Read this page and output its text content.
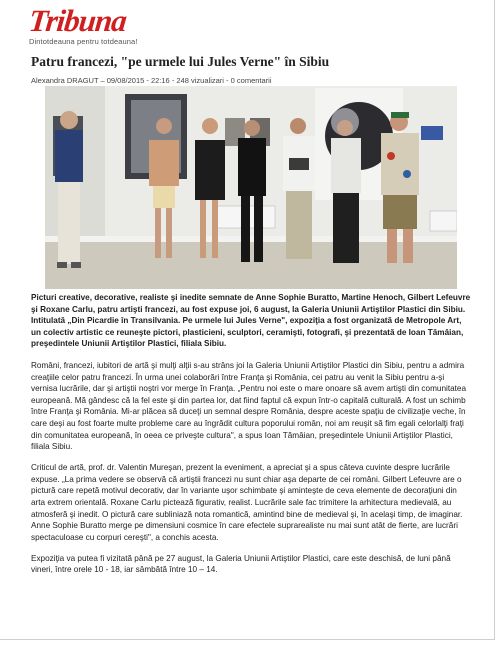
Tribuna
Dintotdeauna pentru totdeauna!
Patru francezi, "pe urmele lui Jules Verne" în Sibiu
Alexandra DRAGUT – 09/08/2015 - 22:16 - 248 vizualizari - 0 comentarii

Picturi creative, decorative, realiste şi inedite semnate de Anne Sophie Buratto, Martine Henoch, Gilbert Lefeuvre şi Roxane Carlu, patru artişti francezi, au fost expuse joi, 6 august, la Galeria Uniunii Artiştilor Plastici din Sibiu. Intitulată „Din Picardie în Transilvania. Pe urmele lui Jules Verne", expoziţia a fost organizată de Metropole Art, un colectiv artistic ce reuneşte pictori, plasticieni, sculptori, ceramişti, fotografi, şi prezentată de Ioan Tămâian, preşedintele Uniunii Artiştilor Plastici, filiala Sibiu.

Români, francezi, iubitori de artă şi mulţi alţii s-au strâns joi la Galeria Uniunii Artiştilor Plastici din Sibiu, pentru a admira creaţiile celor patru francezi. În urma unei colaborări între Franţa şi România, cei patru au venit la Sibiu pentru a-şi vernisa lucrările, dar şi artiştii noştri vor merge în Franţa. „Pentru noi este o mare onoare să avem artişti din comunitatea europeană. Mă gândesc că la fel este şi din partea lor, dat fiind faptul că expun într-o capitală culturală. A fost un schimb între Franţa şi România. Mi-ar plăcea să duceţi un semnal despre România, despre aceste spaţiu de civilizaţie veche, în care deşi au fost foarte multe probleme care au îngrădit cultura poporului român, noi am reuşit să fim egali celorlalţi fraţi din comunitatea europeană, în oeea ce priveşte cultura", a spus Ioan Tămâian, preşedintele Uniunii Artiştilor Plastici, filiala Sibiu.

Criticul de artă, prof. dr. Valentin Mureşan, prezent la eveniment, a apreciat şi a spus câteva cuvinte despre lucrările expuse. „La prima vedere se observă că artiştii francezi nu sunt chiar aşa departe de cei români. Gilbert Lefeuvre are o pictură care repetă motivul decorativ, dar în variante uşor schimbate şi aminteşte de ceva elemente de decoraţiuni din arta extrem orientală. Roxane Carlu pictează figurativ, realist. Lucrările sale fac trimitere la arhitectura medievală, au atmosferă şi inedit. O pictură care subliniază nota romantică, amintind bine de medieval şi, în acelaşi timp, de imaginar. Anne Sophie Buratto merge pe dimensiuni cosmice în care efectele suprarealiste nu mai sunt atât de fierte, are lucrări spectaculoase cu corpuri cereşti", a conchis acesta.

Expoziţia va putea fi vizitată până pe 27 august, la Galeria Uniunii Artiştilor Plastici, care este deschisă, de luni până vineri, între orele 10 - 18, iar sâmbătă între 10 – 14.
